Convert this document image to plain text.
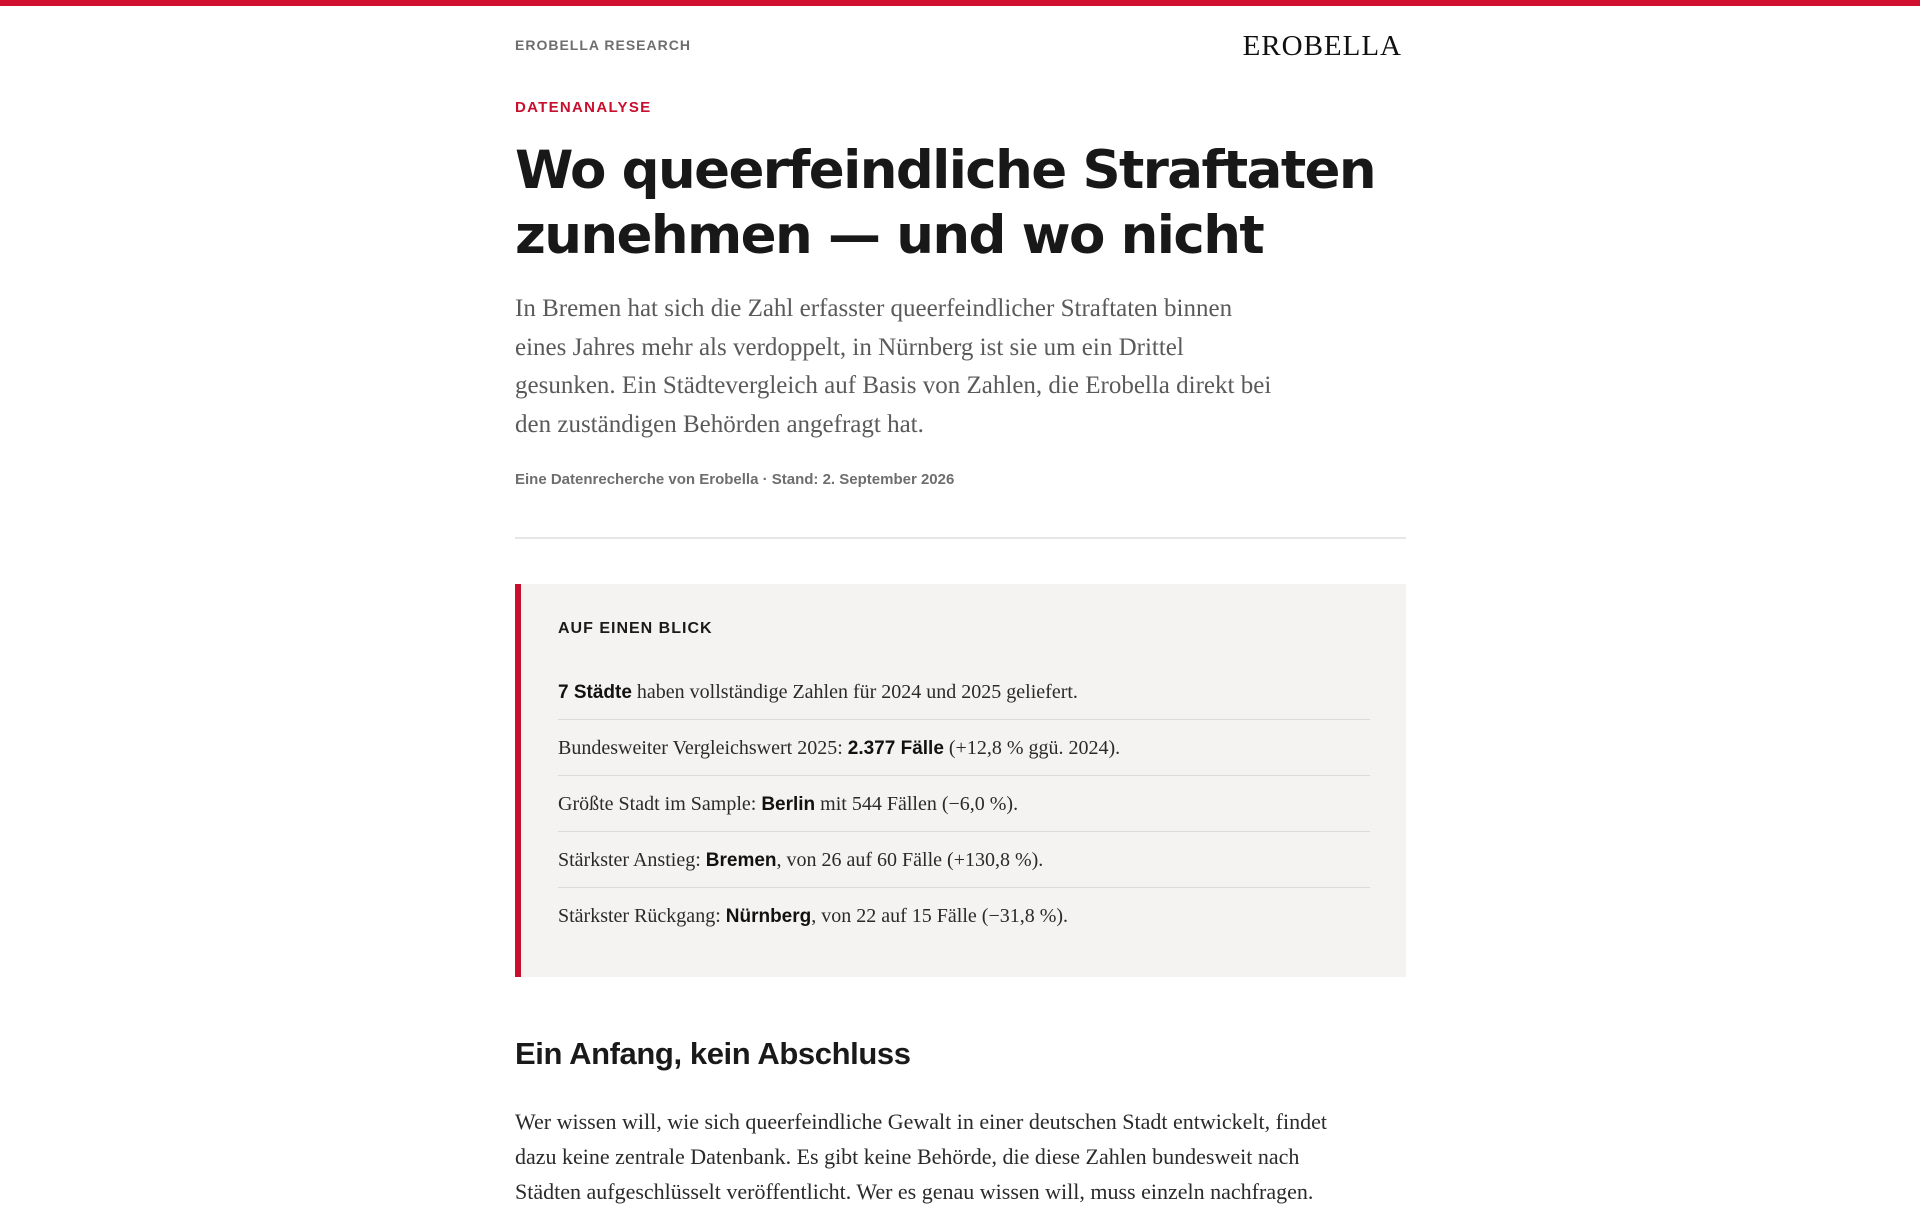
EROBELLA RESEARCH	EROBELLA
DATENANALYSE
Wo queerfeindliche Straftaten zunehmen — und wo nicht

In Bremen hat sich die Zahl erfasster queerfeindlicher Straftaten binnen eines Jahres mehr als verdoppelt, in Nürnberg ist sie um ein Drittel gesunken. Ein Städtevergleich auf Basis von Zahlen, die Erobella direkt bei den zuständigen Behörden angefragt hat.

Eine Datenrecherche von Erobella · Stand: 2. September 2026
AUF EINEN BLICK
7 Städte haben vollständige Zahlen für 2024 und 2025 geliefert.
Bundesweiter Vergleichswert 2025: 2.377 Fälle (+12,8 % ggü. 2024).
Größte Stadt im Sample: Berlin mit 544 Fällen (−6,0 %).
Stärkster Anstieg: Bremen, von 26 auf 60 Fälle (+130,8 %).
Stärkster Rückgang: Nürnberg, von 22 auf 15 Fälle (−31,8 %).
Ein Anfang, kein Abschluss

Wer wissen will, wie sich queerfeindliche Gewalt in einer deutschen Stadt entwickelt, findet dazu keine zentrale Datenbank. Es gibt keine Behörde, die diese Zahlen bundesweit nach Städten aufgeschlüsselt veröffentlicht. Wer es genau wissen will, muss einzeln nachfragen.
